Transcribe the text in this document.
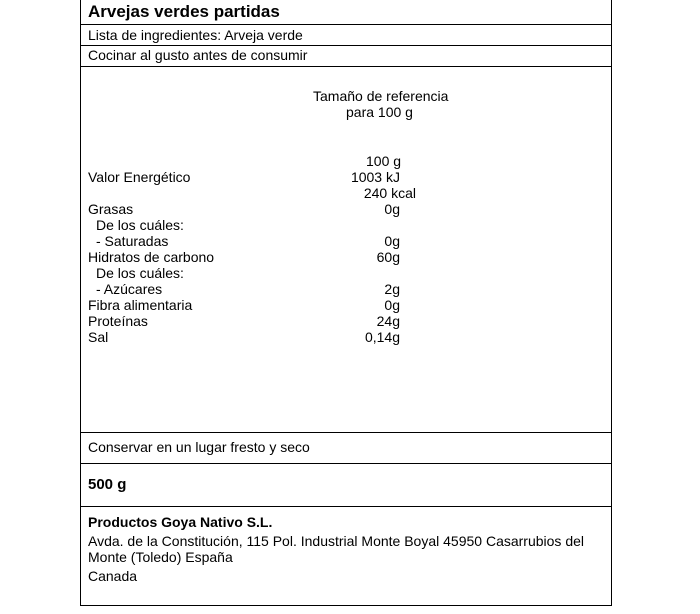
Arvejas verdes partidas
Lista de ingredientes: Arveja verde
Cocinar al gusto antes de consumir
Tamaño de referencia
para 100 g
100 g
Valor Energético	1003 kJ
240 kcal
Grasas	0g
De los cuáles:
- Saturadas	0g
Hidratos de carbono	60g
De los cuáles:
- Azúcares	2g
Fibra alimentaria	0g
Proteínas	24g
Sal	0,14g
Conservar en un lugar fresto y seco
500 g
Productos Goya Nativo S.L.
Avda. de la Constitución, 115 Pol. Industrial Monte Boyal 45950 Casarrubios del
Monte (Toledo) España
Canada
